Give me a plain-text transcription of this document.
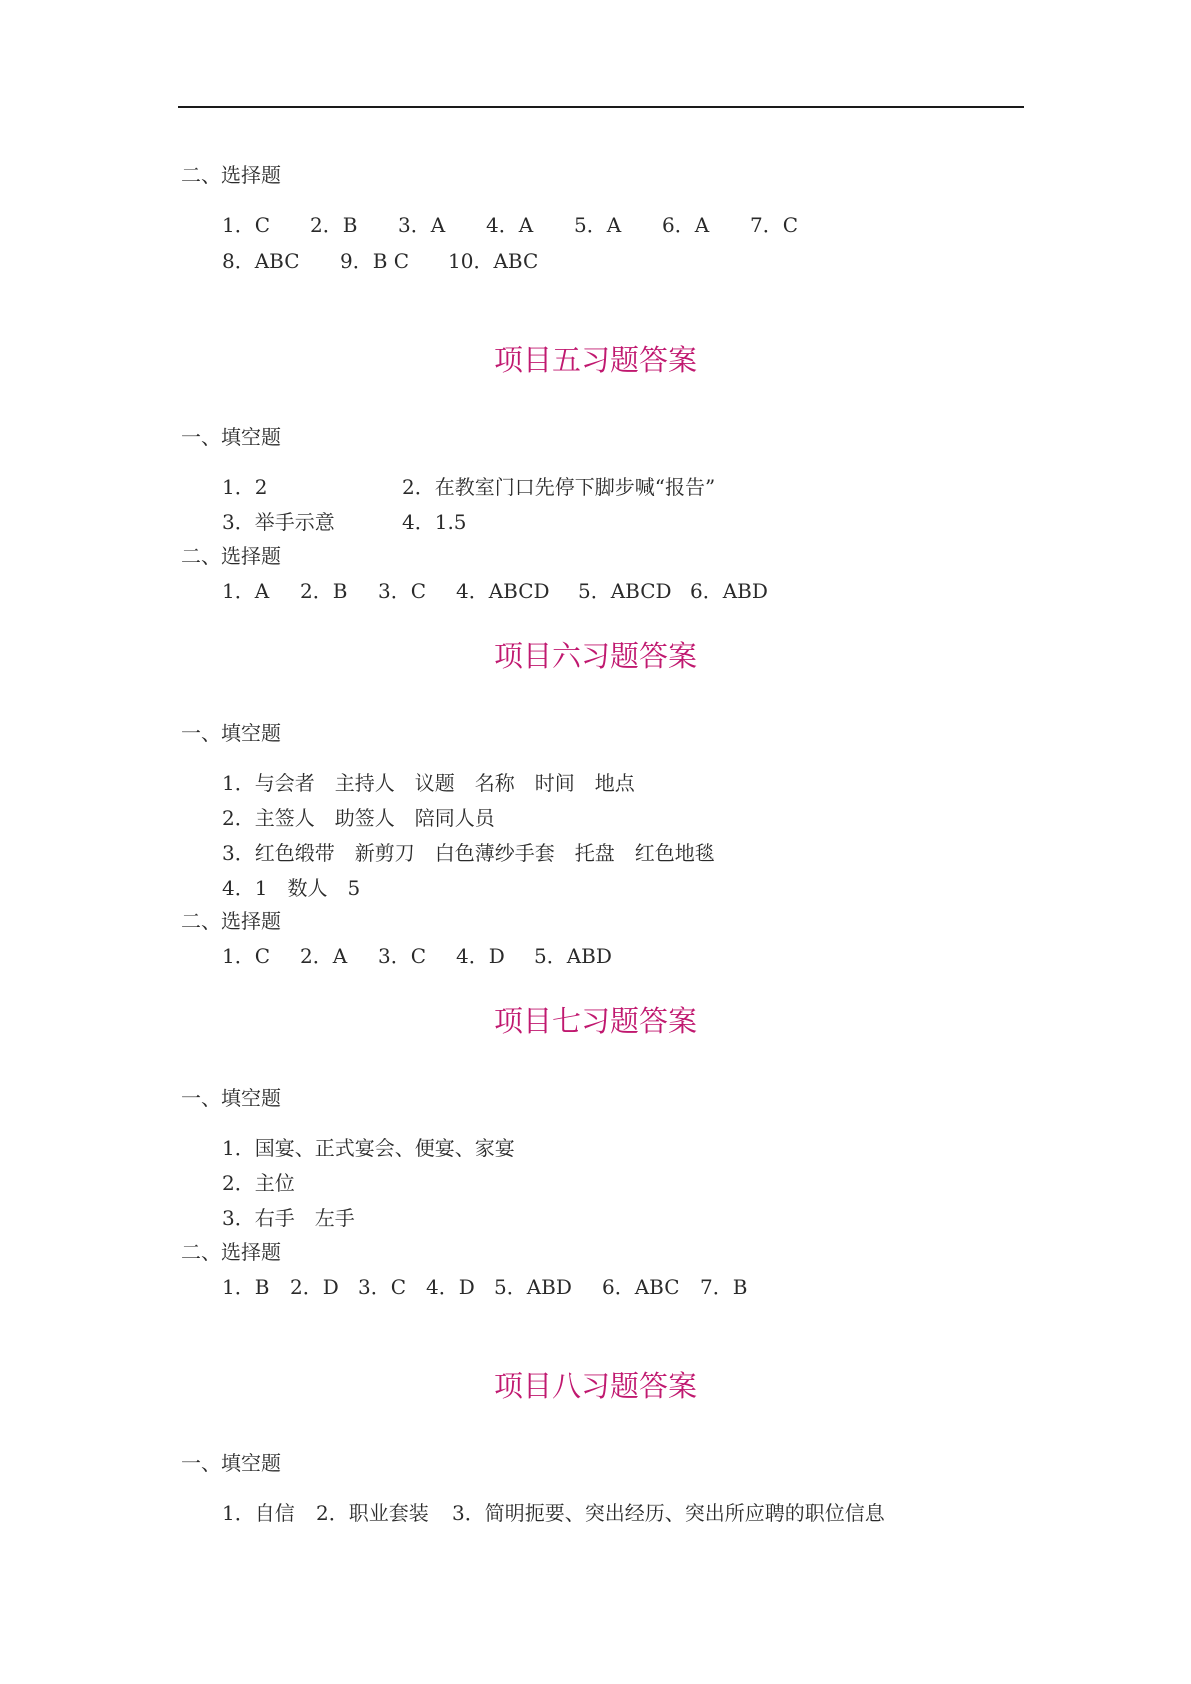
二、选择题
1．C 2．B 3．A 4．A 5．A 6．A 7．C
8．ABC 9．B C 10．ABC
项目五习题答案
一、填空题
1．2	2．在教室门口先停下脚步喊“报告”
3．举手示意	4．1.5
二、选择题
1．A 2．B 3．C 4．ABCD 5．ABCD 6．ABD
项目六习题答案
一、填空题
1．与会者　主持人　议题　名称　时间　地点
2．主签人　助签人　陪同人员
3．红色缎带　新剪刀　白色薄纱手套　托盘　红色地毯
4．1　数人　5
二、选择题
1．C 2．A 3．C 4．D 5．ABD
项目七习题答案
一、填空题
1．国宴、正式宴会、便宴、家宴
2．主位
3．右手　左手
二、选择题
1．B 2．D 3．C 4．D 5．ABD 6．ABC 7．B
项目八习题答案
一、填空题
1．自信 2．职业套装 3．简明扼要、突出经历、突出所应聘的职位信息
